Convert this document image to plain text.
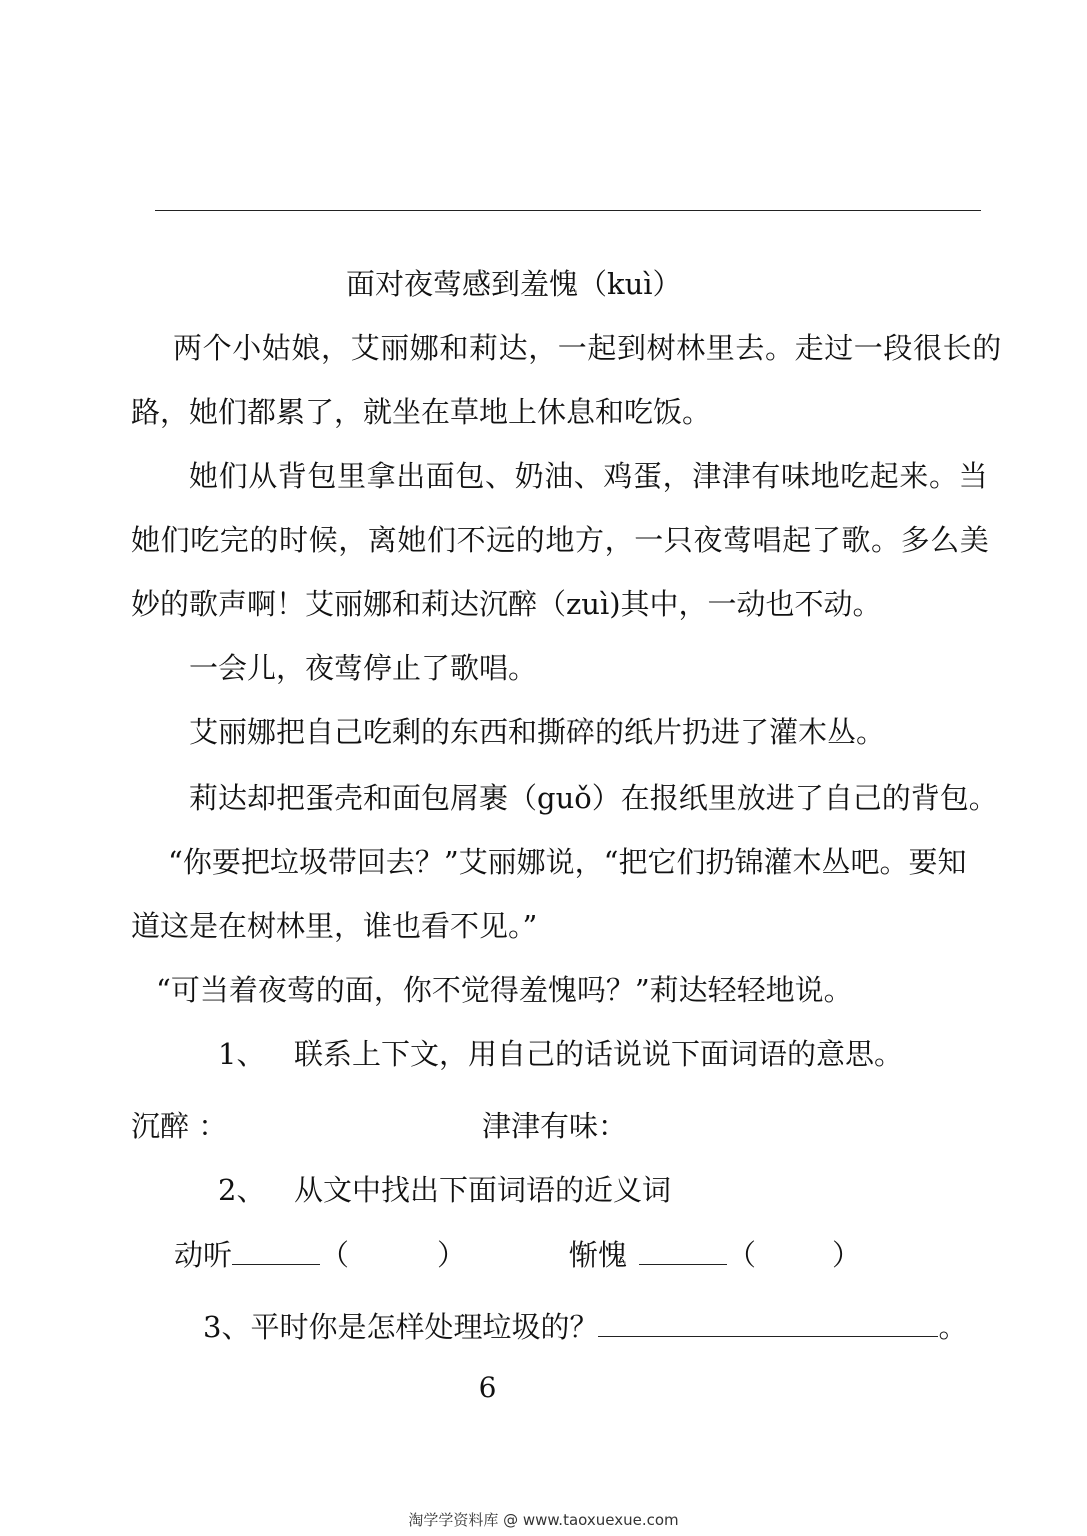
面对夜莺感到羞愧（kuì）
两个小姑娘，艾丽娜和莉达，一起到树林里去。走过一段很长的
路，她们都累了，就坐在草地上休息和吃饭。
她们从背包里拿出面包、奶油、鸡蛋，津津有味地吃起来。当
她们吃完的时候，离她们不远的地方，一只夜莺唱起了歌。多么美
妙的歌声啊！艾丽娜和莉达沉醉（zuì)其中，一动也不动。
一会儿，夜莺停止了歌唱。
艾丽娜把自己吃剩的东西和撕碎的纸片扔进了灌木丛。
莉达却把蛋壳和面包屑裹（guǒ）在报纸里放进了自己的背包。
“你要把垃圾带回去？”艾丽娜说，“把它们扔锦灌木丛吧。要知
道这是在树林里，谁也看不见。”
“可当着夜莺的面，你不觉得羞愧吗？”莉达轻轻地说。
1、 联系上下文，用自己的话说说下面词语的意思。
沉醉 ：	津津有味：
2、 从文中找出下面词语的近义词
动听	（	）	惭愧	（	）
3、平时你是怎样处理垃圾的？	。
6
淘学学资料库 @ www.taoxuexue.com
